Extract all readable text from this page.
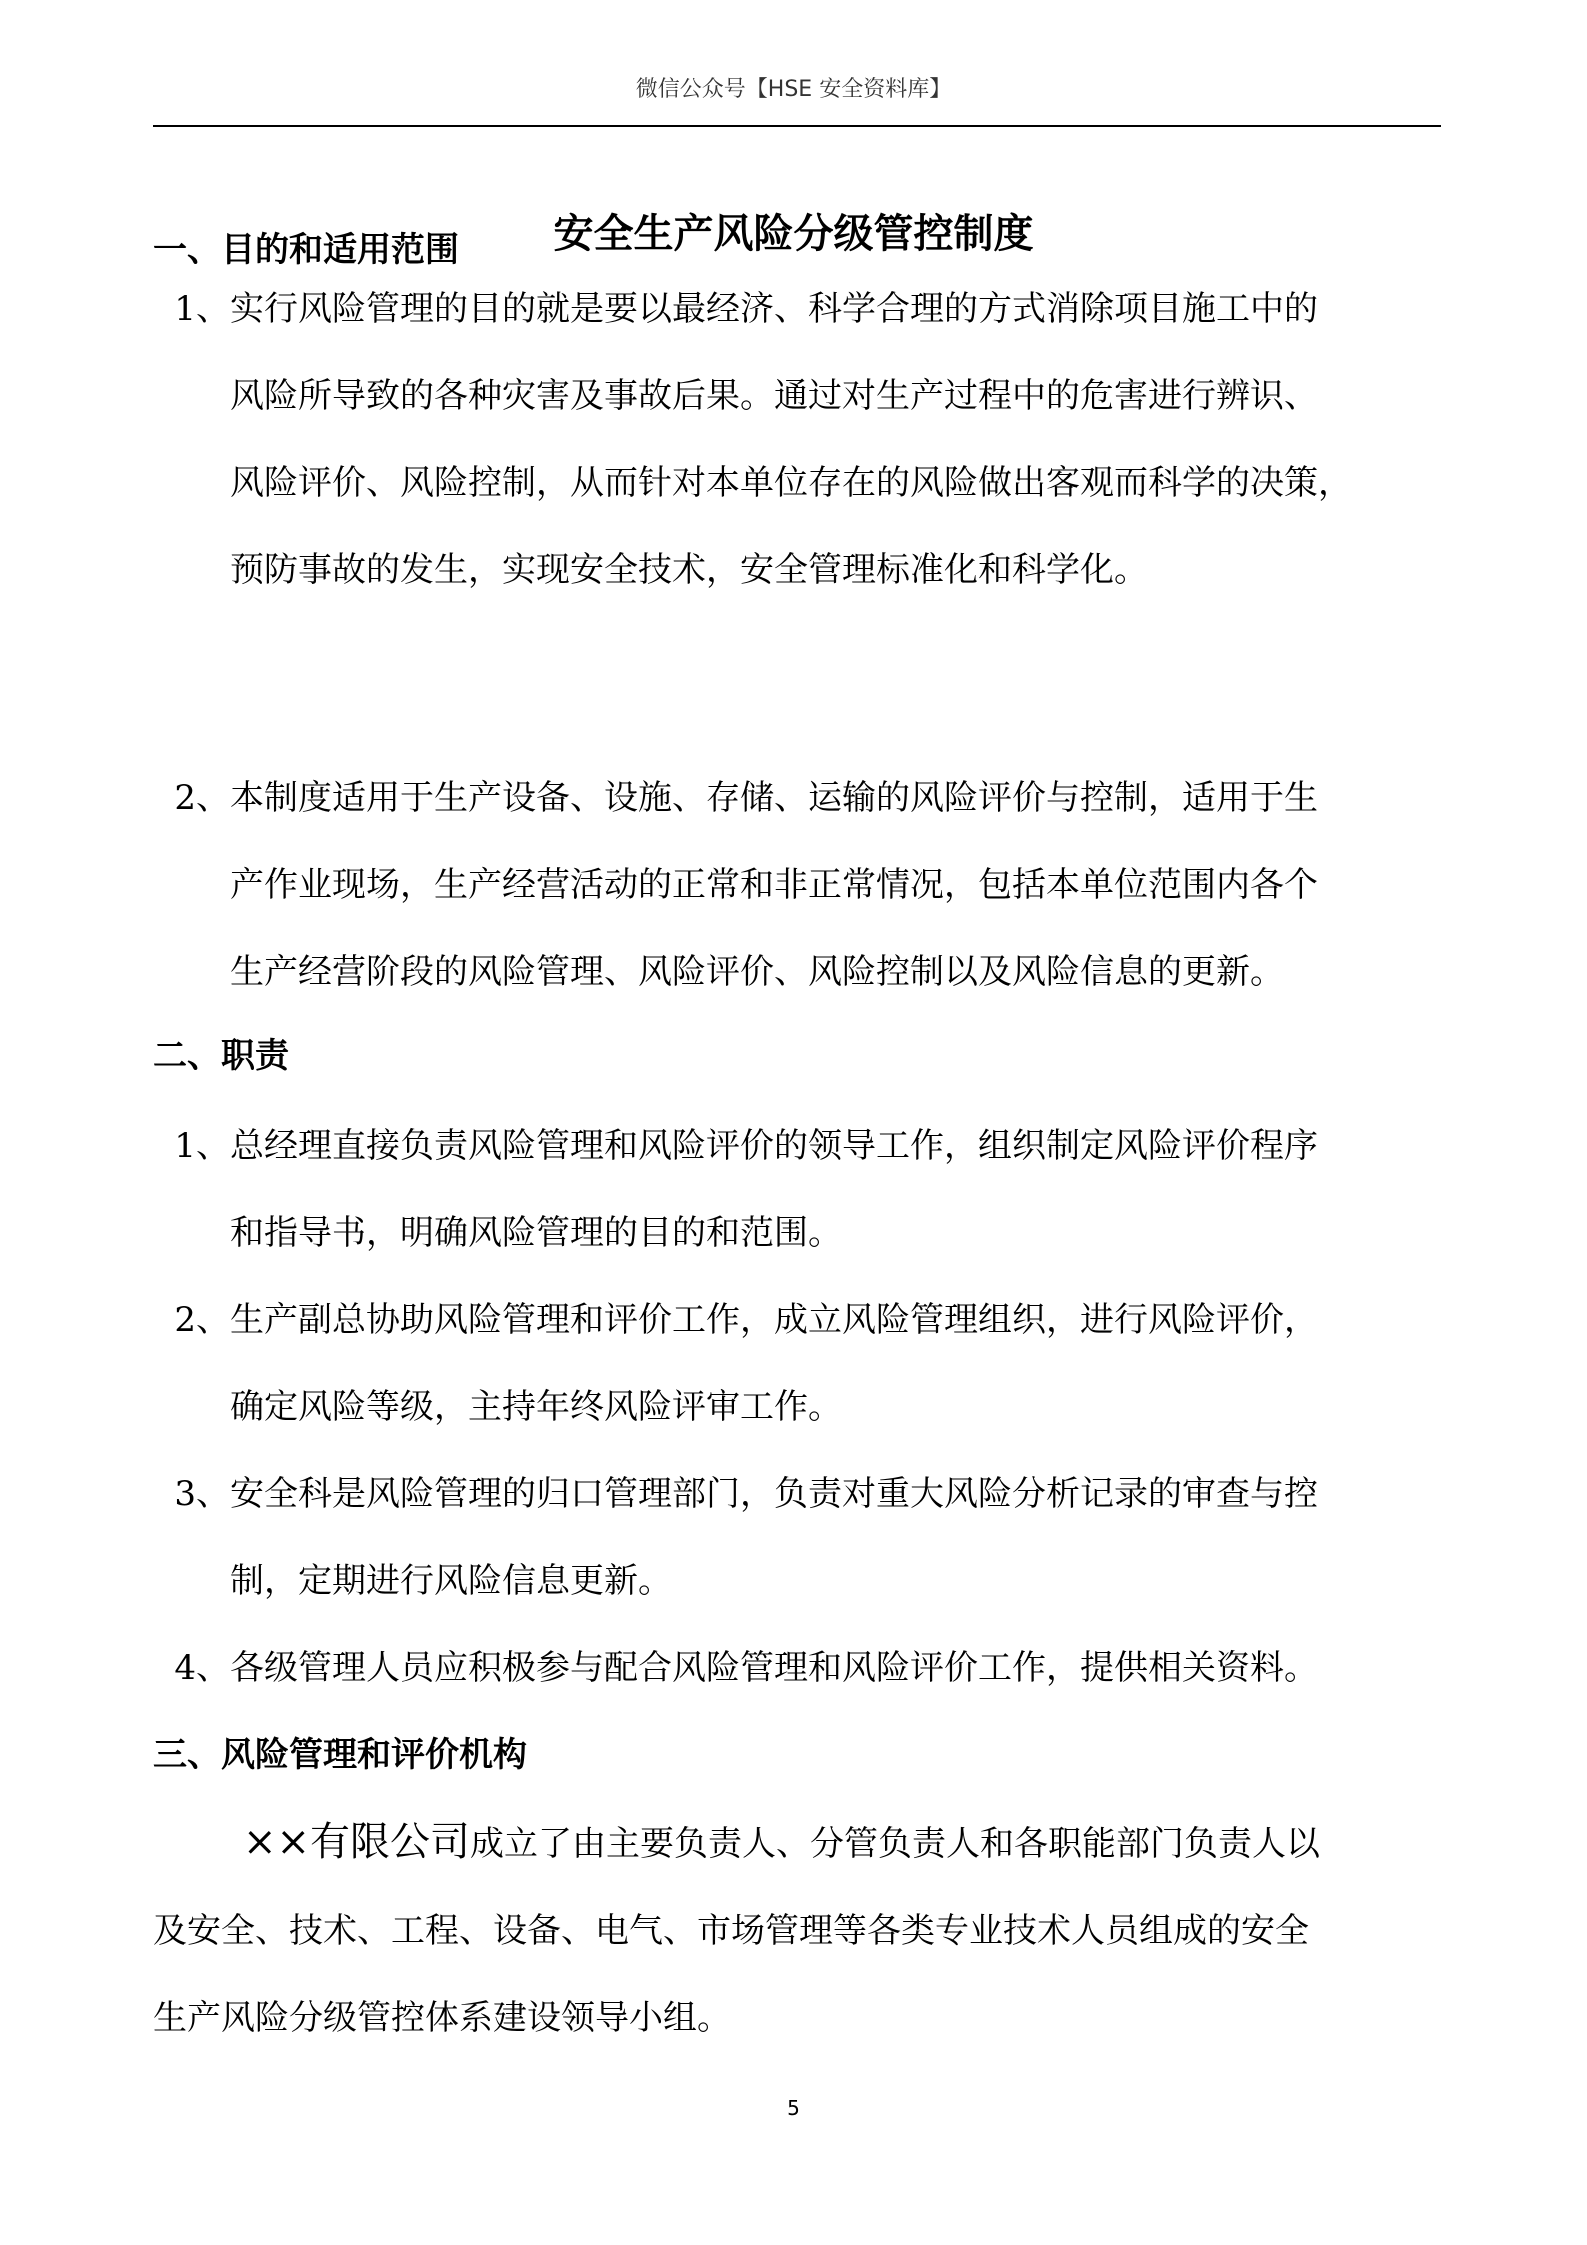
微信公众号【HSE 安全资料库】
安全生产风险分级管控制度
一、目的和适用范围
1、 实行风险管理的目的就是要以最经济、科学合理的方式消除项目施工中的
风险所导致的各种灾害及事故后果。通过对生产过程中的危害进行辨识、
风险评价、风险控制，从而针对本单位存在的风险做出客观而科学的决策，
预防事故的发生，实现安全技术，安全管理标准化和科学化。
2、 本制度适用于生产设备、设施、存储、运输的风险评价与控制，适用于生
产作业现场，生产经营活动的正常和非正常情况，包括本单位范围内各个
生产经营阶段的风险管理、风险评价、风险控制以及风险信息的更新。
二、职责
1、 总经理直接负责风险管理和风险评价的领导工作，组织制定风险评价程序
和指导书，明确风险管理的目的和范围。
2、 生产副总协助风险管理和评价工作，成立风险管理组织，进行风险评价，
确定风险等级，主持年终风险评审工作。
3、 安全科是风险管理的归口管理部门，负责对重大风险分析记录的审查与控
制，定期进行风险信息更新。
4、 各级管理人员应积极参与配合风险管理和风险评价工作，提供相关资料。
三、风险管理和评价机构
××有限公司成立了由主要负责人、分管负责人和各职能部门负责人以
及安全、技术、工程、设备、电气、市场管理等各类专业技术人员组成的安全
生产风险分级管控体系建设领导小组。
5
